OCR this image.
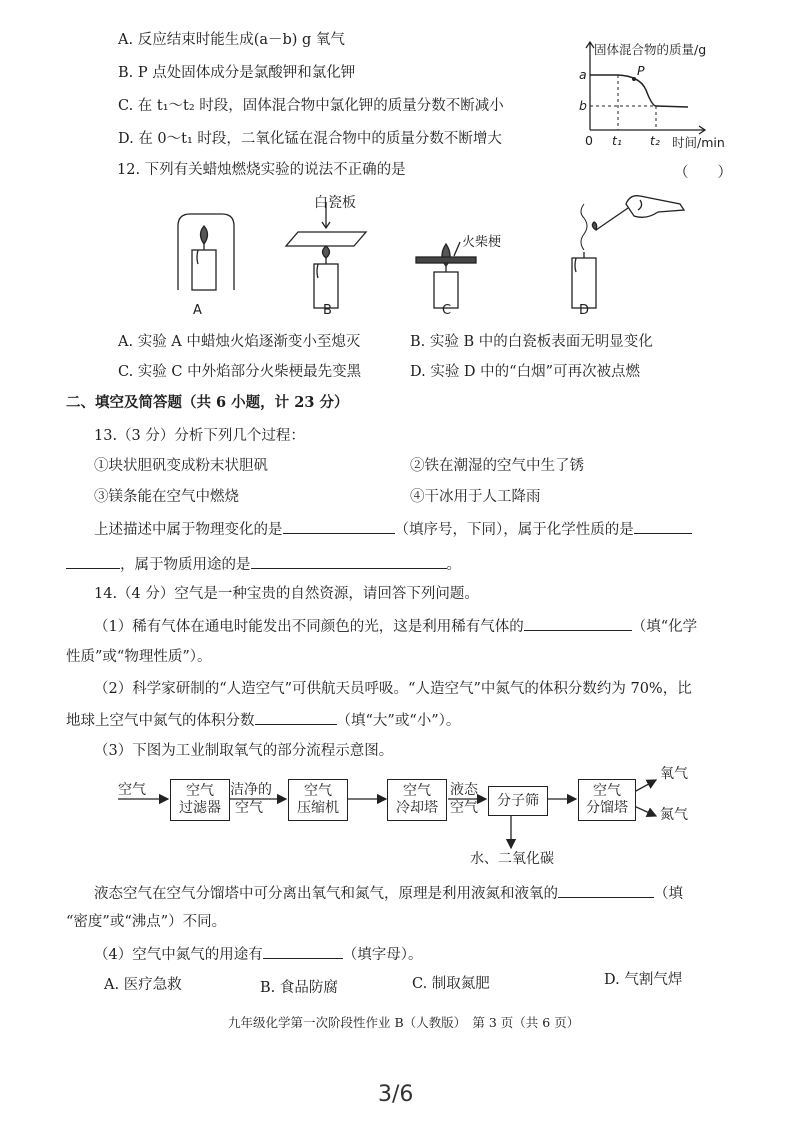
A. 反应结束时能生成(a－b) g 氧气
B. P 点处固体成分是氯酸钾和氯化钾
C. 在 t₁～t₂ 时段，固体混合物中氯化钾的质量分数不断减小
D. 在 0～t₁ 时段，二氧化锰在混合物中的质量分数不断增大
固体混合物的质量/g
a
b
P
0 t₁ t₂ 时间/min
12. 下列有关蜡烛燃烧实验的说法不正确的是	（　　）
白瓷板
火柴梗
A	B	C	D
A. 实验 A 中蜡烛火焰逐渐变小至熄灭	B. 实验 B 中的白瓷板表面无明显变化
C. 实验 C 中外焰部分火柴梗最先变黑	D. 实验 D 中的“白烟”可再次被点燃
二、填空及简答题（共 6 小题，计 23 分）
13.（3 分）分析下列几个过程：
①块状胆矾变成粉末状胆矾	②铁在潮湿的空气中生了锈
③镁条能在空气中燃烧	④干冰用于人工降雨
上述描述中属于物理变化的是	（填序号，下同），属于化学性质的是
，属于物质用途的是	。
14.（4 分）空气是一种宝贵的自然资源，请回答下列问题。
（1）稀有气体在通电时能发出不同颜色的光，这是利用稀有气体的	（填“化学
性质”或“物理性质”）。
（2）科学家研制的“人造空气”可供航天员呼吸。“人造空气”中氮气的体积分数约为 70%，比
地球上空气中氮气的体积分数	（填“大”或“小”）。
（3）下图为工业制取氧气的部分流程示意图。
空气	空气
过滤器
洁净的
空气
空气
压缩机
空气
冷却塔
液态
空气 分子筛
空气
分馏塔
氧气
氮气
水、二氧化碳
液态空气在空气分馏塔中可分离出氧气和氮气，原理是利用液氮和液氧的	（填
“密度”或“沸点”）不同。
（4）空气中氮气的用途有	（填字母）。
A. 医疗急救	B. 食品防腐	C. 制取氮肥	D. 气割气焊
九年级化学第一次阶段性作业 B（人教版）　第 3 页（共 6 页）
3/6
